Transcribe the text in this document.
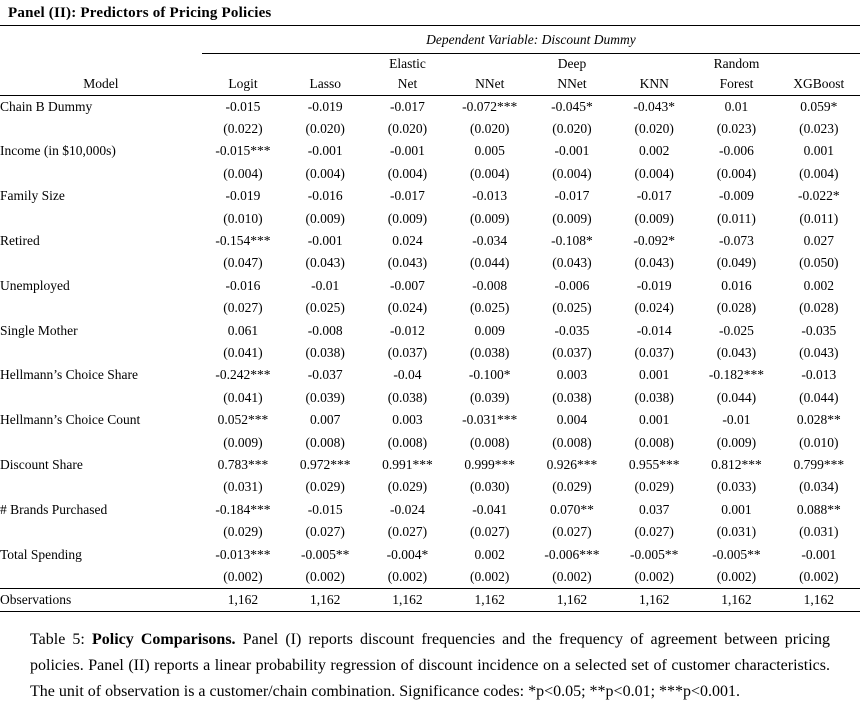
Panel (II): Predictors of Pricing Policies
	Dependent Variable: Discount Dummy							
			Elastic		Deep		Random	
Model	Logit	Lasso	Net	NNet	NNet	KNN	Forest	XGBoost
Chain B Dummy	-0.015	-0.019	-0.017	-0.072***	-0.045*	-0.043*	0.01	0.059*
	(0.022)	(0.020)	(0.020)	(0.020)	(0.020)	(0.020)	(0.023)	(0.023)
Income (in $10,000s)	-0.015***	-0.001	-0.001	0.005	-0.001	0.002	-0.006	0.001
	(0.004)	(0.004)	(0.004)	(0.004)	(0.004)	(0.004)	(0.004)	(0.004)
Family Size	-0.019	-0.016	-0.017	-0.013	-0.017	-0.017	-0.009	-0.022*
	(0.010)	(0.009)	(0.009)	(0.009)	(0.009)	(0.009)	(0.011)	(0.011)
Retired	-0.154***	-0.001	0.024	-0.034	-0.108*	-0.092*	-0.073	0.027
	(0.047)	(0.043)	(0.043)	(0.044)	(0.043)	(0.043)	(0.049)	(0.050)
Unemployed	-0.016	-0.01	-0.007	-0.008	-0.006	-0.019	0.016	0.002
	(0.027)	(0.025)	(0.024)	(0.025)	(0.025)	(0.024)	(0.028)	(0.028)
Single Mother	0.061	-0.008	-0.012	0.009	-0.035	-0.014	-0.025	-0.035
	(0.041)	(0.038)	(0.037)	(0.038)	(0.037)	(0.037)	(0.043)	(0.043)
Hellmann’s Choice Share	-0.242***	-0.037	-0.04	-0.100*	0.003	0.001	-0.182***	-0.013
	(0.041)	(0.039)	(0.038)	(0.039)	(0.038)	(0.038)	(0.044)	(0.044)
Hellmann’s Choice Count	0.052***	0.007	0.003	-0.031***	0.004	0.001	-0.01	0.028**
	(0.009)	(0.008)	(0.008)	(0.008)	(0.008)	(0.008)	(0.009)	(0.010)
Discount Share	0.783***	0.972***	0.991***	0.999***	0.926***	0.955***	0.812***	0.799***
	(0.031)	(0.029)	(0.029)	(0.030)	(0.029)	(0.029)	(0.033)	(0.034)
# Brands Purchased	-0.184***	-0.015	-0.024	-0.041	0.070**	0.037	0.001	0.088**
	(0.029)	(0.027)	(0.027)	(0.027)	(0.027)	(0.027)	(0.031)	(0.031)
Total Spending	-0.013***	-0.005**	-0.004*	0.002	-0.006***	-0.005**	-0.005**	-0.001
	(0.002)	(0.002)	(0.002)	(0.002)	(0.002)	(0.002)	(0.002)	(0.002)
Observations	1,162	1,162	1,162	1,162	1,162	1,162	1,162	1,162

Table 5: Policy Comparisons. Panel (I) reports discount frequencies and the frequency of agreement between pricing policies. Panel (II) reports a linear probability regression of discount incidence on a selected set of customer characteristics. The unit of observation is a customer/chain combination. Significance codes: *p<0.05; **p<0.01; ***p<0.001.
